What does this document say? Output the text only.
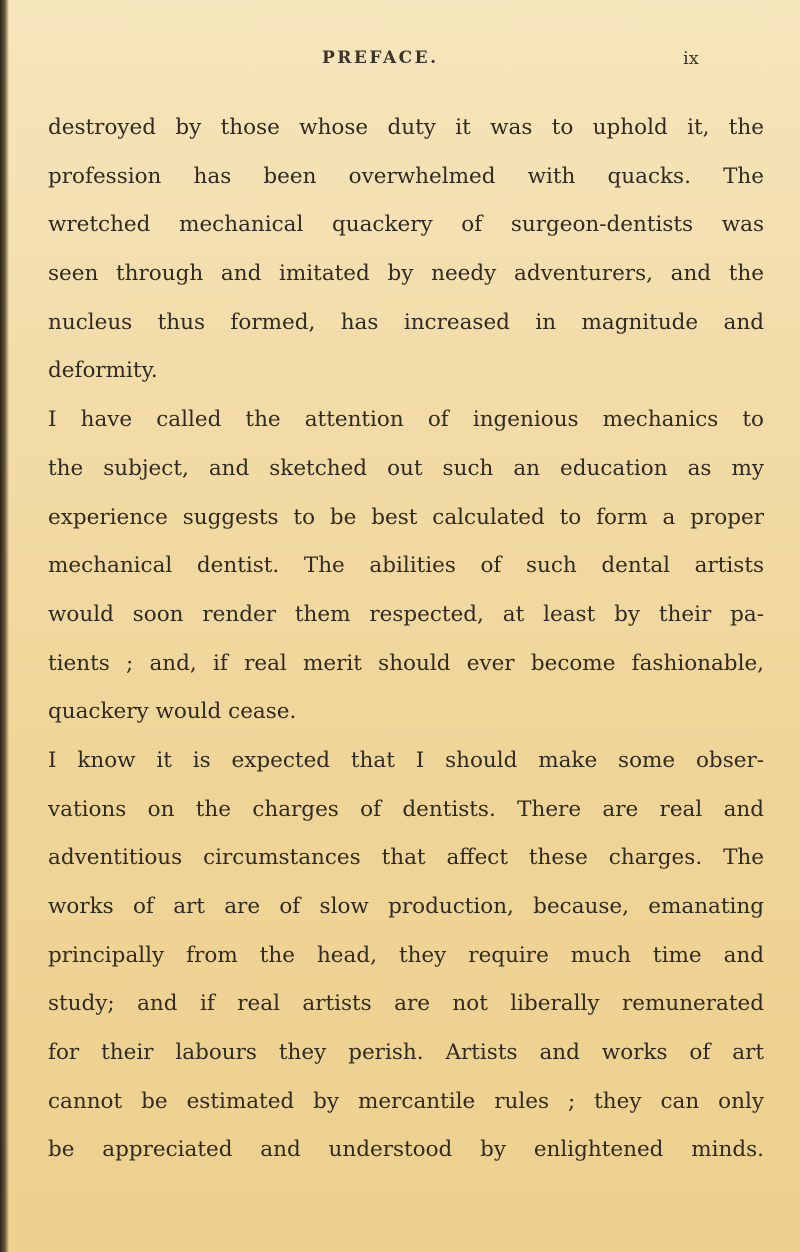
PREFACE.	ix
destroyed by those whose duty it was to uphold it, the
profession has been overwhelmed with quacks. The
wretched mechanical quackery of surgeon-dentists was
seen through and imitated by needy adventurers, and the
nucleus thus formed, has increased in magnitude and
deformity.
I have called the attention of ingenious mechanics to
the subject, and sketched out such an education as my
experience suggests to be best calculated to form a proper
mechanical dentist. The abilities of such dental artists
would soon render them respected, at least by their pa-
tients ; and, if real merit should ever become fashionable,
quackery would cease.
I know it is expected that I should make some obser-
vations on the charges of dentists. There are real and
adventitious circumstances that affect these charges. The
works of art are of slow production, because, emanating
principally from the head, they require much time and
study; and if real artists are not liberally remunerated
for their labours they perish. Artists and works of art
cannot be estimated by mercantile rules ; they can only
be appreciated and understood by enlightened minds.
